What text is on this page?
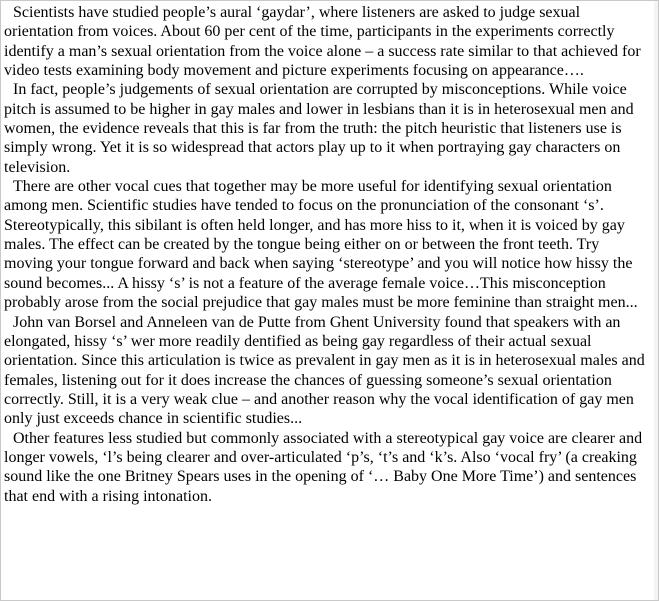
Scientists have studied people’s aural ‘gaydar’, where listeners are asked to judge sexual orientation from voices. About 60 per cent of the time, participants in the experiments correctly identify a man’s sexual orientation from the voice alone – a success rate similar to that achieved for video tests examining body movement and picture experiments focusing on appearance….

In fact, people’s judgements of sexual orientation are corrupted by misconceptions. While voice pitch is assumed to be higher in gay males and lower in lesbians than it is in heterosexual men and women, the evidence reveals that this is far from the truth: the pitch heuristic that listeners use is simply wrong. Yet it is so widespread that actors play up to it when portraying gay characters on television.

There are other vocal cues that together may be more useful for identifying sexual orientation among men. Scientific studies have tended to focus on the pronunciation of the consonant ‘s’. Stereotypically, this sibilant is often held longer, and has more hiss to it, when it is voiced by gay males. The effect can be created by the tongue being either on or between the front teeth. Try moving your tongue forward and back when saying ‘stereotype’ and you will notice how hissy the sound becomes... A hissy ‘s’ is not a feature of the average female voice…This misconception probably arose from the social prejudice that gay males must be more feminine than straight men...

John van Borsel and Anneleen van de Putte from Ghent University found that speakers with an elongated, hissy ‘s’ wer more readily dentified as being gay regardless of their actual sexual orientation. Since this articulation is twice as prevalent in gay men as it is in heterosexual males and females, listening out for it does increase the chances of guessing someone’s sexual orientation correctly. Still, it is a very weak clue – and another reason why the vocal identification of gay men only just exceeds chance in scientific studies...

Other features less studied but commonly associated with a stereotypical gay voice are clearer and longer vowels, ‘l’s being clearer and over-articulated ‘p’s, ‘t’s and ‘k’s. Also ‘vocal fry’ (a creaking sound like the one Britney Spears uses in the opening of ‘… Baby One More Time’) and sentences that end with a rising intonation.
